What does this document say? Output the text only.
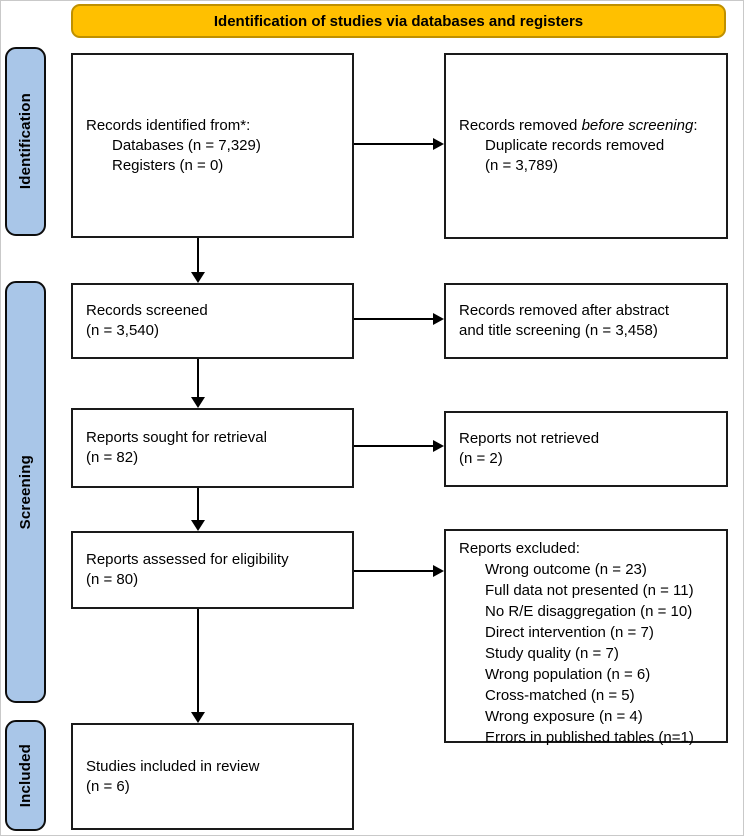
Identification of studies via databases and registers
Identification
Screening
Included
Records identified from*:
Databases (n = 7,329)
Registers (n = 0)
Records removed before screening:
Duplicate records removed
(n = 3,789)
Records screened
(n = 3,540)
Records removed after abstract
and title screening (n = 3,458)
Reports sought for retrieval
(n = 82)
Reports not retrieved
(n = 2)
Reports assessed for eligibility
(n = 80)
Reports excluded:
Wrong outcome (n = 23)
Full data not presented (n = 11)
No R/E disaggregation (n = 10)
Direct intervention (n = 7)
Study quality (n = 7)
Wrong population (n = 6)
Cross-matched (n = 5)
Wrong exposure (n = 4)
Errors in published tables (n=1)
Studies included in review
(n = 6)
